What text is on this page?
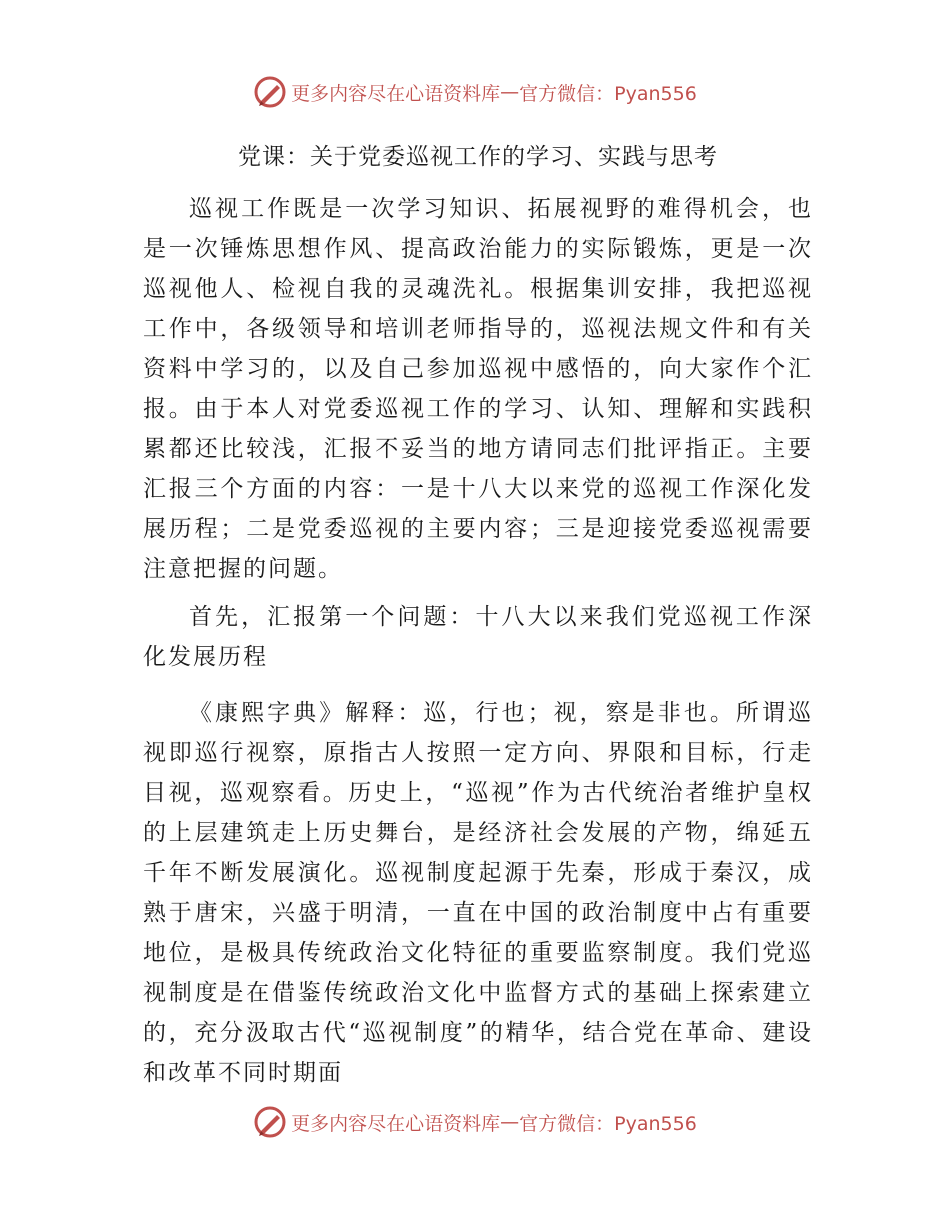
更多内容尽在心语资料库 — 官方微信：Pyan556
党课：关于党委巡视工作的学习、实践与思考

巡视工作既是一次学习知识、拓展视野的难得机会，也是一次锤炼思想作风、提高政治能力的实际锻炼，更是一次巡视他人、检视自我的灵魂洗礼。根据集训安排，我把巡视工作中，各级领导和培训老师指导的，巡视法规文件和有关资料中学习的，以及自己参加巡视中感悟的，向大家作个汇报。由于本人对党委巡视工作的学习、认知、理解和实践积累都还比较浅，汇报不妥当的地方请同志们批评指正。主要汇报三个方面的内容：一是十八大以来党的巡视工作深化发展历程；二是党委巡视的主要内容；三是迎接党委巡视需要注意把握的问题。

首先，汇报第一个问题：十八大以来我们党巡视工作深化发展历程

《康熙字典》解释：巡，行也；视，察是非也。所谓巡视即巡行视察，原指古人按照一定方向、界限和目标，行走目视，巡观察看。历史上，“巡视”作为古代统治者维护皇权的上层建筑走上历史舞台，是经济社会发展的产物，绵延五千年不断发展演化。巡视制度起源于先秦，形成于秦汉，成熟于唐宋，兴盛于明清，一直在中国的政治制度中占有重要地位，是极具传统政治文化特征的重要监察制度。我们党巡视制度是在借鉴传统政治文化中监督方式的基础上探索建立的，充分汲取古代“巡视制度”的精华，结合党在革命、建设和改革不同时期面

更多内容尽在心语资料库 — 官方微信：Pyan556
